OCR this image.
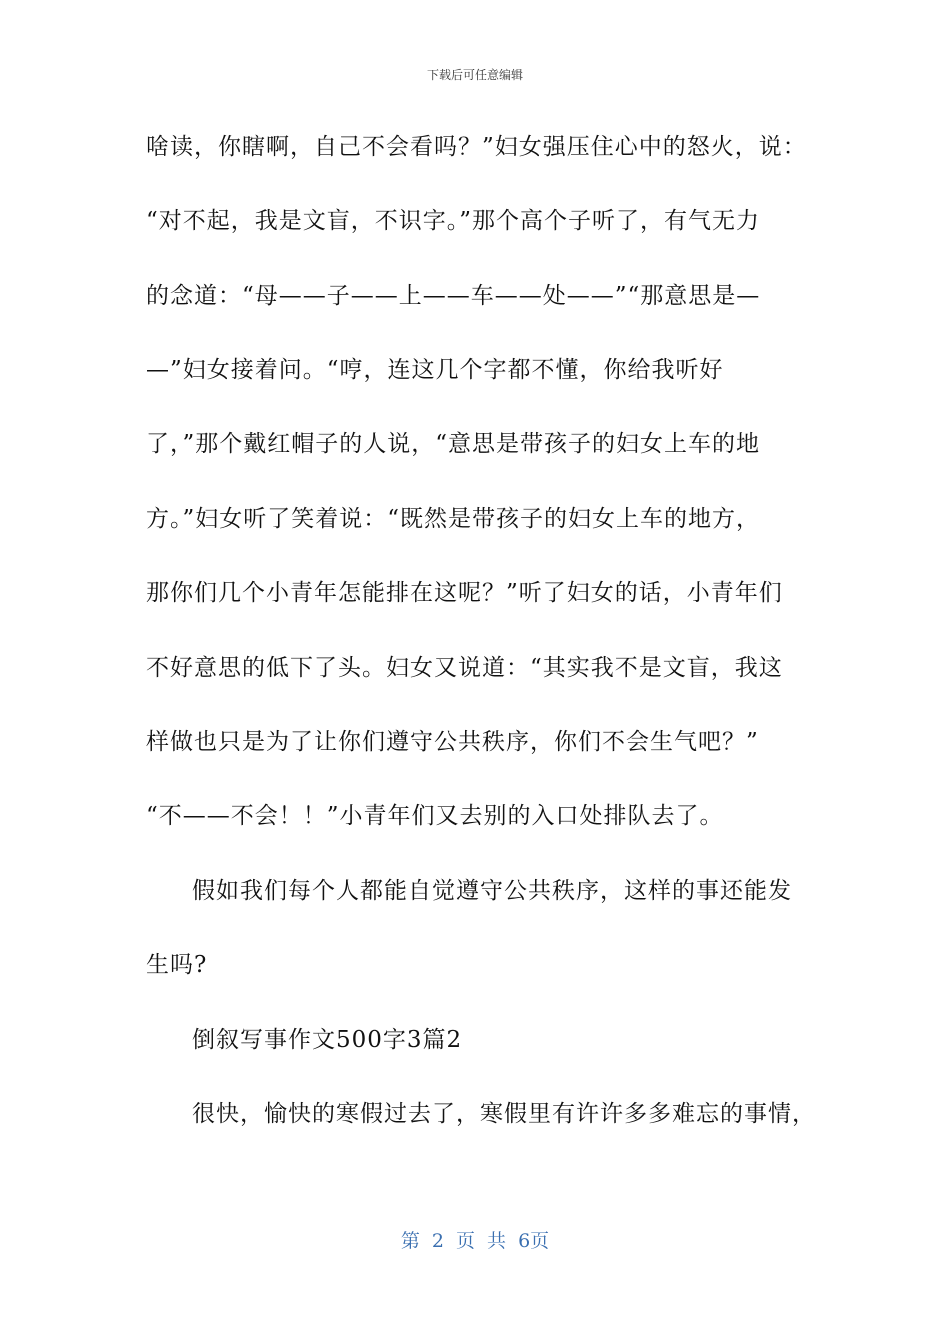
下载后可任意编辑
啥读，你瞎啊，自己不会看吗？”妇女强压住心中的怒火，说：
“对不起，我是文盲，不识字。”那个高个子听了，有气无力
的念道：“母——子——上——车——处——”“那意思是—
—”妇女接着问。“哼，连这几个字都不懂，你给我听好
了，”那个戴红帽子的人说，“意思是带孩子的妇女上车的地
方。”妇女听了笑着说：“既然是带孩子的妇女上车的地方，
那你们几个小青年怎能排在这呢？”听了妇女的话，小青年们
不好意思的低下了头。妇女又说道：“其实我不是文盲，我这
样做也只是为了让你们遵守公共秩序，你们不会生气吧？”
“不——不会！！”小青年们又去别的入口处排队去了。
假如我们每个人都能自觉遵守公共秩序，这样的事还能发
生吗?
倒叙写事作文500字3篇2
很快，愉快的寒假过去了，寒假里有许许多多难忘的事情，
第 2 页 共 6页
